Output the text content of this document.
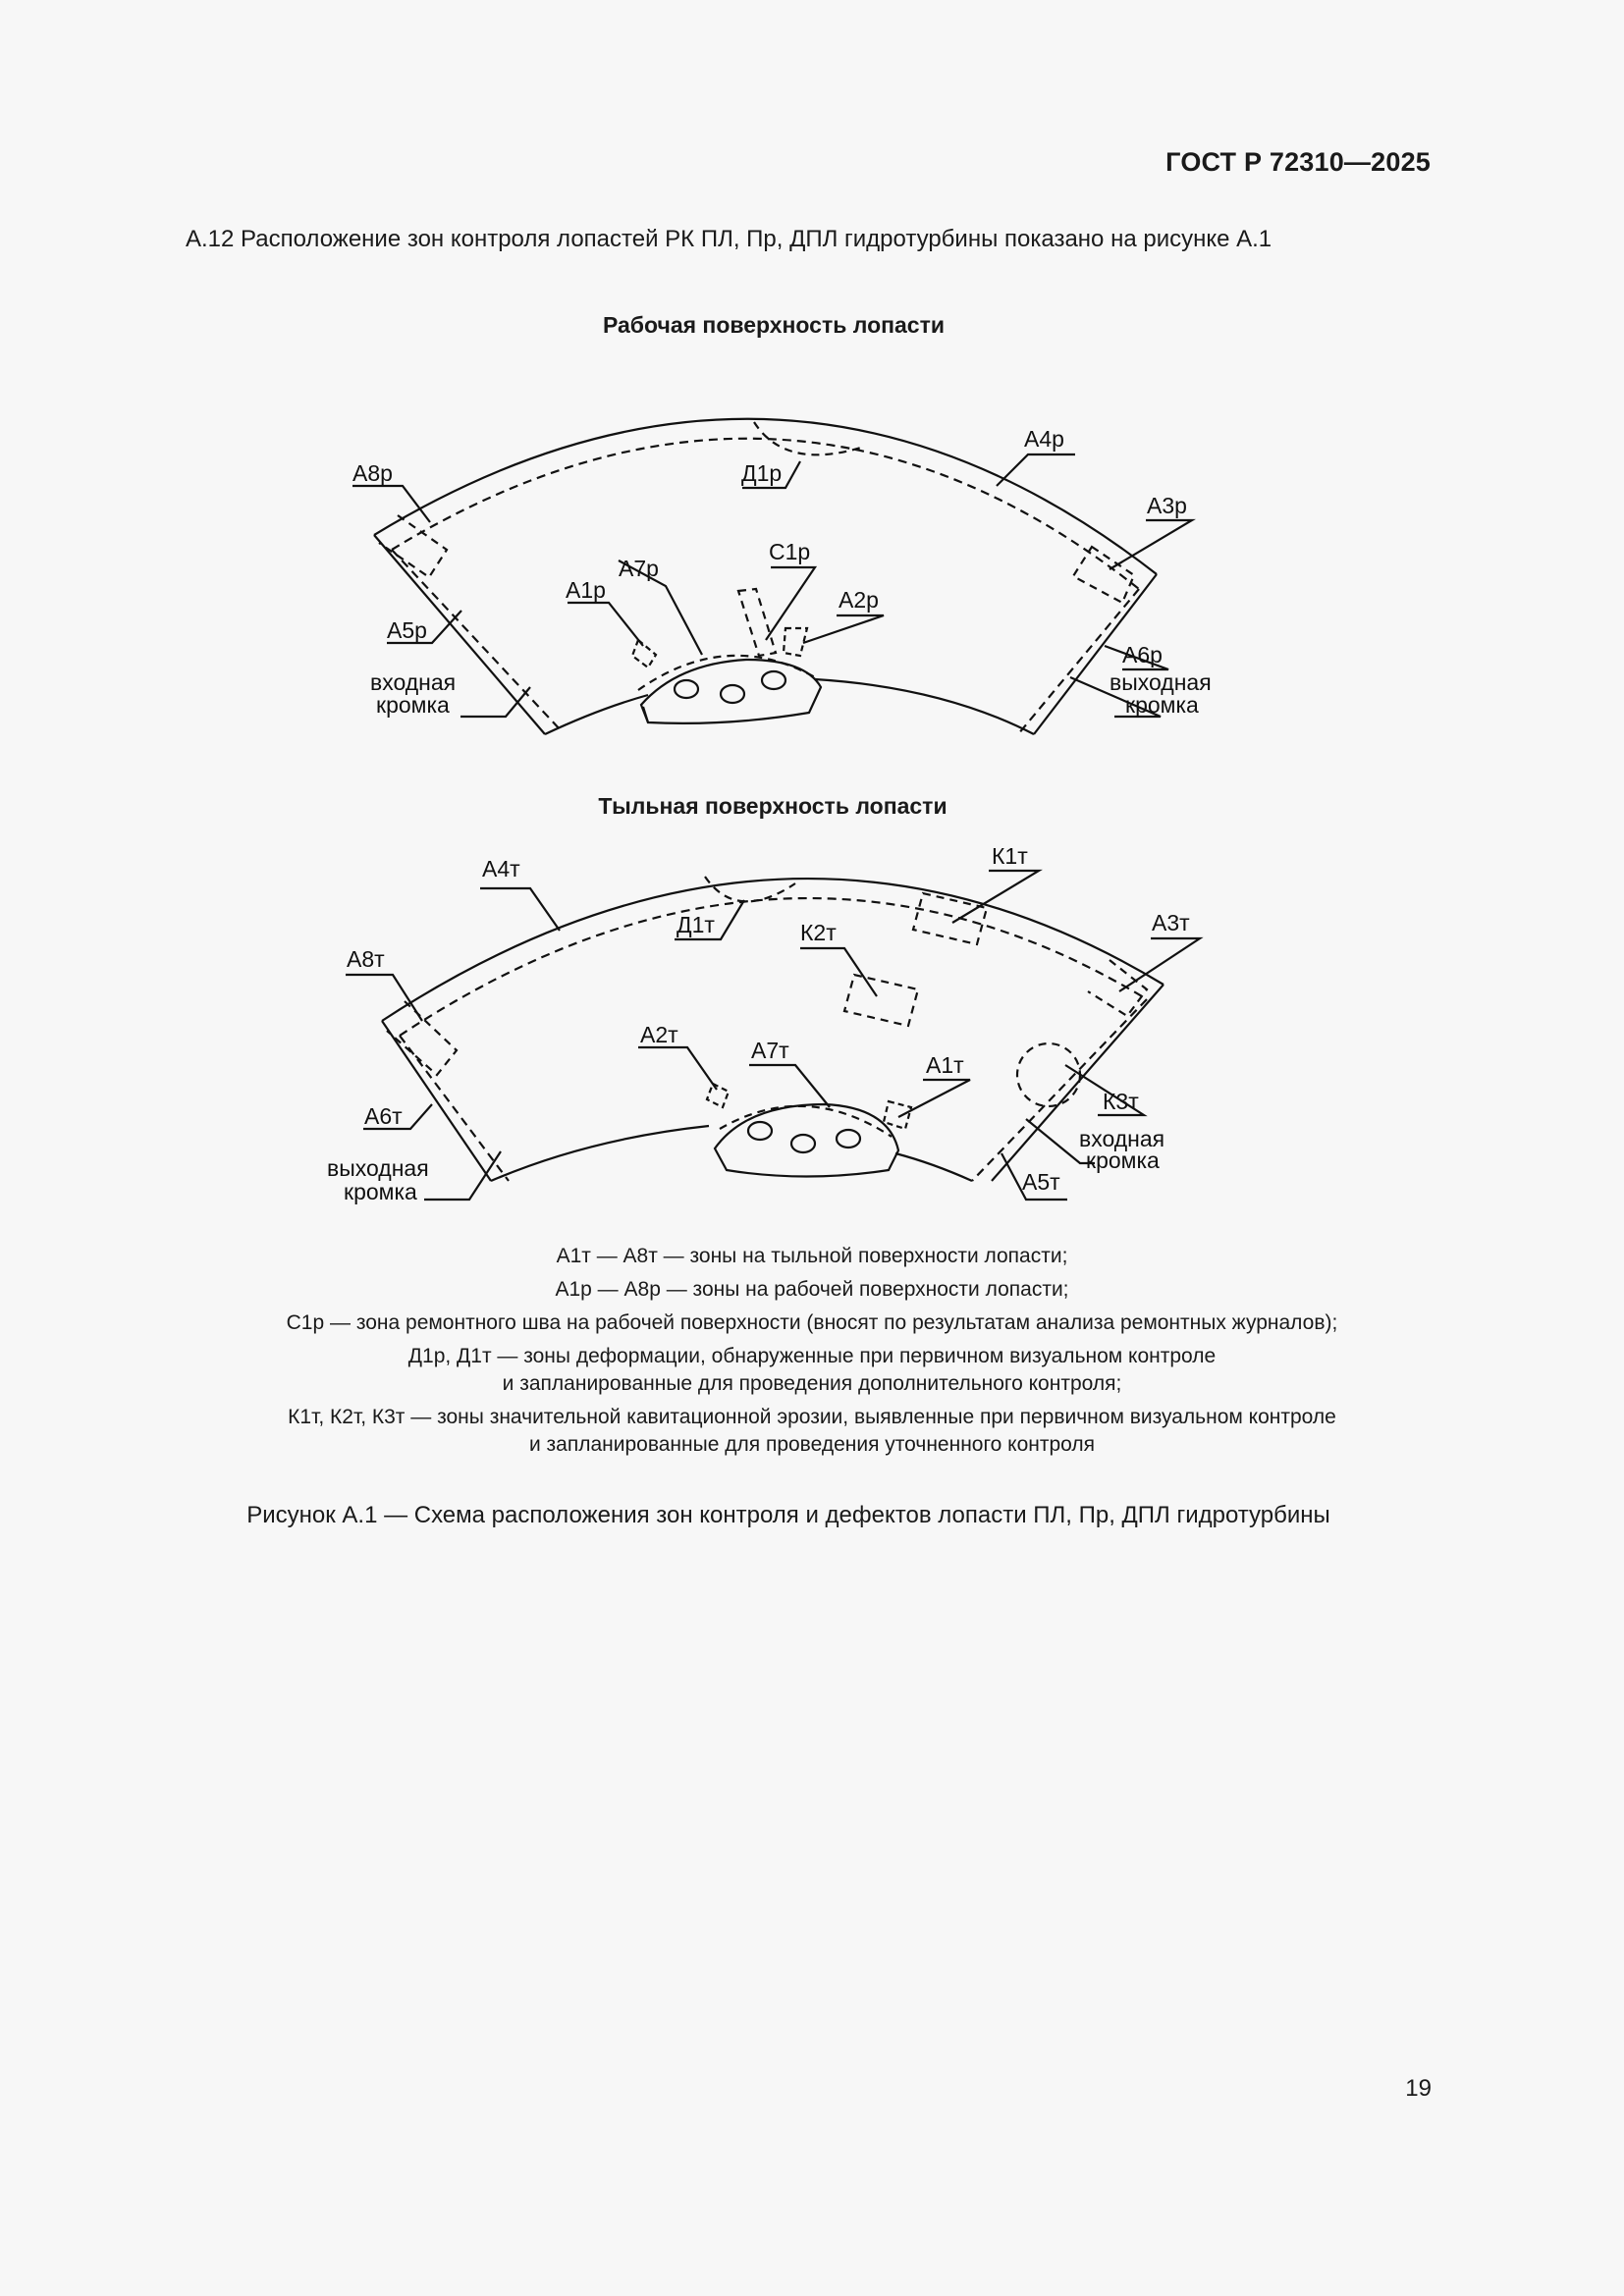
ГОСТ Р 72310—2025
А.12 Расположение зон контроля лопастей РК ПЛ, Пр, ДПЛ гидротурбины показано на рисунке А.1
Рабочая поверхность лопасти
Тыльная поверхность лопасти
А8р
А4р
Д1р
А3р
С1р
А7р
А1р	А2р
А5р
А6р
входная
кромка
выходная
кромка
А4т	К1т
А8т
Д1т	К2т	А3т
А2т
А7т
А1т
К3т
А6т
А5т
выходная
кромка
входная
кромка
А1т — А8т — зоны на тыльной поверхности лопасти;
А1р — А8р — зоны на рабочей поверхности лопасти;
С1р — зона ремонтного шва на рабочей поверхности (вносят по результатам анализа ремонтных журналов);
Д1р, Д1т — зоны деформации, обнаруженные при первичном визуальном контроле
и запланированные для проведения дополнительного контроля;
К1т, К2т, К3т — зоны значительной кавитационной эрозии, выявленные при первичном визуальном контроле
и запланированные для проведения уточненного контроля
Рисунок А.1 — Схема расположения зон контроля и дефектов лопасти ПЛ, Пр, ДПЛ гидротурбины
19
